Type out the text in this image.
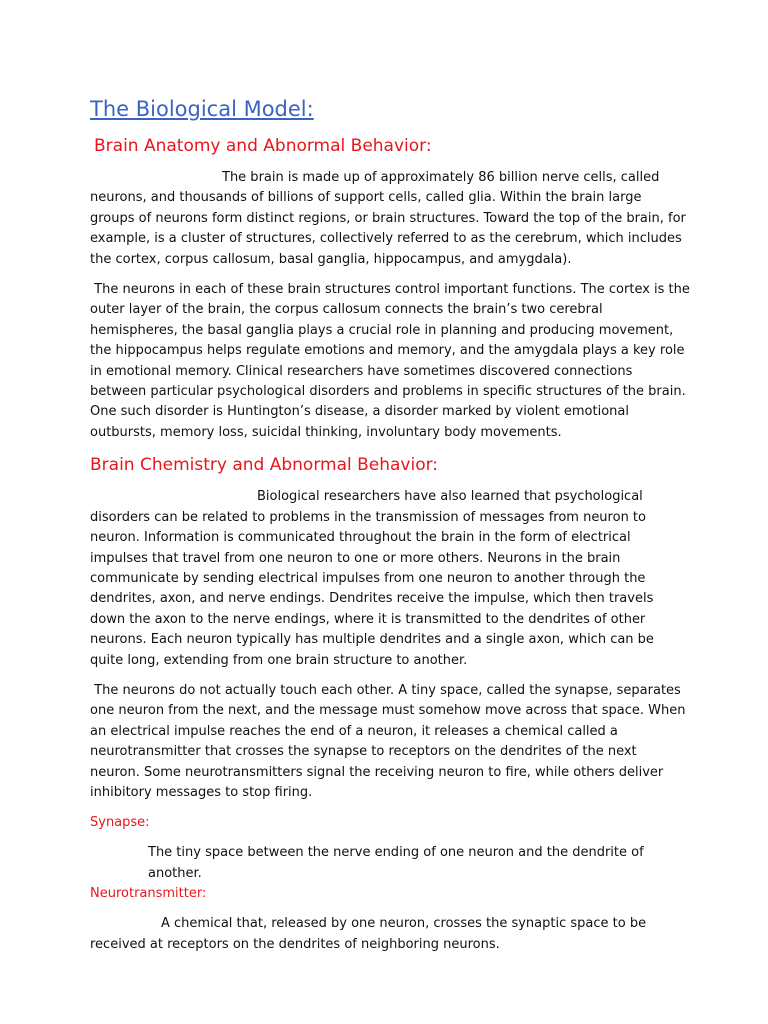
The Biological Model:
Brain Anatomy and Abnormal Behavior:

The brain is made up of approximately 86 billion nerve cells, called neurons, and thousands of billions of support cells, called glia. Within the brain large groups of neurons form distinct regions, or brain structures. Toward the top of the brain, for example, is a cluster of structures, collectively referred to as the cerebrum, which includes the cortex, corpus callosum, basal ganglia, hippocampus, and amygdala).

The neurons in each of these brain structures control important functions. The cortex is the outer layer of the brain, the corpus callosum connects the brain’s two cerebral hemispheres, the basal ganglia plays a crucial role in planning and producing movement, the hippocampus helps regulate emotions and memory, and the amygdala plays a key role in emotional memory. Clinical researchers have sometimes discovered connections between particular psychological disorders and problems in specific structures of the brain. One such disorder is Huntington’s disease, a disorder marked by violent emotional outbursts, memory loss, suicidal thinking, involuntary body movements.

Brain Chemistry and Abnormal Behavior:

Biological researchers have also learned that psychological disorders can be related to problems in the transmission of messages from neuron to neuron. Information is communicated throughout the brain in the form of electrical impulses that travel from one neuron to one or more others. Neurons in the brain communicate by sending electrical impulses from one neuron to another through the dendrites, axon, and nerve endings. Dendrites receive the impulse, which then travels down the axon to the nerve endings, where it is transmitted to the dendrites of other neurons. Each neuron typically has multiple dendrites and a single axon, which can be quite long, extending from one brain structure to another.

The neurons do not actually touch each other. A tiny space, called the synapse, separates one neuron from the next, and the message must somehow move across that space. When an electrical impulse reaches the end of a neuron, it releases a chemical called a neurotransmitter that crosses the synapse to receptors on the dendrites of the next neuron. Some neurotransmitters signal the receiving neuron to fire, while others deliver inhibitory messages to stop firing.

Synapse:

The tiny space between the nerve ending of one neuron and the dendrite of another.

Neurotransmitter:

A chemical that, released by one neuron, crosses the synaptic space to be received at receptors on the dendrites of neighboring neurons.
